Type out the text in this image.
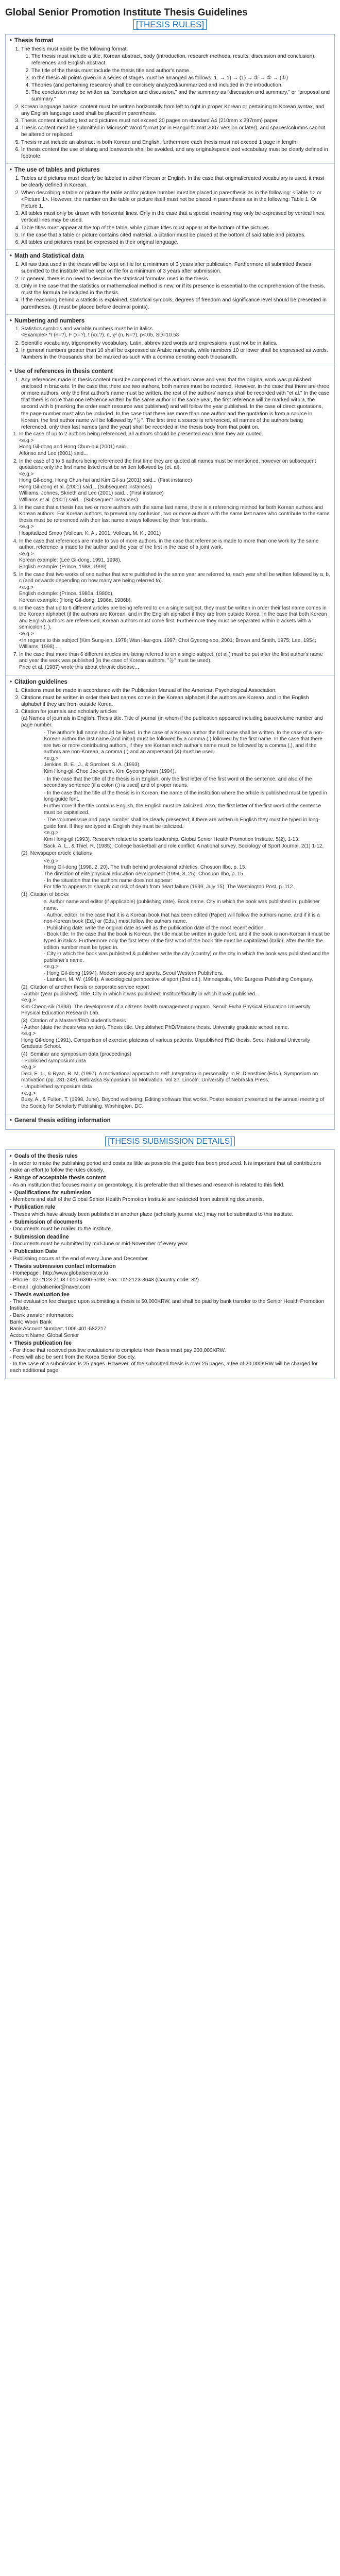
Global Senior Promotion Institute Thesis Guidelines
[THESIS RULES]
• Thesis format
1. The thesis must abide by the following format.
1. The thesis must include a title, Korean abstract, body (introduction, research methods, results, discussion and conclusion), references and English abstract.
2. The title of the thesis must include the thesis title and author's name.
3. In the thesis all points given in a series of stages must be arranged as follows: 1. → 1) → (1) → ① → ① → (①)
4. Theories (and pertaining research) shall be concisely analyzed/summarized and included in the introduction.
5. The conclusion may be written as "conclusion and discussion," and the summary as "discussion and summary," or "proposal and summary."
2. Korean language basics: content must be written horizontally from left to right in proper Korean or pertaining to Korean syntax, and any English language used shall be placed in parenthesis.
3. Thesis content including text and pictures must not exceed 20 pages on standard A4 (210mm x 297mm) paper.
4. Thesis content must be submitted in Microsoft Word format (or in Hangul format 2007 version or later), and spaces/columns cannot be altered or replaced.
5. Thesis must include an abstract in both Korean and English, furthermore each thesis must not exceed 1 page in length.
6. In thesis content the use of slang and loanwords shall be avoided, and any original/specialized vocabulary must be clearly defined in footnote.
• The use of tables and pictures
1. Tables and pictures must clearly be labeled in either Korean or English. In the case that original/created vocabulary is used, it must be clearly defined in Korean.
2. When describing a table or picture the table and/or picture number must be placed in parenthesis as in the following: <Table 1> or <Picture 1>. However, the number on the table or picture itself must not be placed in parenthesis as in the following: Table 1. Or Picture 1.
3. All tables must only be drawn with horizontal lines. Only in the case that a special meaning may only be expressed by vertical lines, vertical lines may be used.
4. Table titles must appear at the top of the table, while picture titles must appear at the bottom of the pictures.
5. In the case that a table or picture contains cited material, a citation must be placed at the bottom of said table and pictures.
6. All tables and pictures must be expressed in their original language.
• Math and Statistical data
1. All raw data used in the thesis will be kept on file for a minimum of 3 years after publication. Furthermore all submitted theses submitted to the institute will be kept on file for a minimum of 3 years after submission.
2. In general, there is no need to describe the statistical formulas used in the thesis.
3. Only in the case that the statistics or mathematical method is new, or if its presence is essential to the comprehension of the thesis, must the formula be included in the thesis.
4. If the reasoning behind a statistic is explained, statistical symbols, degrees of freedom and significance level should be presented in parentheses. (It must be placed before decimal points).
• Numbering and numbers
1. Statistics symbols and variable numbers must be in italics.
<Example> *r (n=?), F (x=?), t (xx.?), n, χ² (n, N=?), p<.05, SD=10.53
2. Scientific vocabulary, trigonometry vocabulary, Latin, abbreviated words and expressions must not be in italics.
3. In general numbers greater than 10 shall be expressed as Arabic numerals, while numbers 10 or lower shall be expressed as words. Numbers in the thousands shall be marked as such with a comma denoting each thousandth.
• Use of references in thesis content
1. Any references made in thesis content must be composed of the authors name and year that the original work was published enclosed in brackets. In the case that there are two authors, both names must be recorded. However, in the case that there are three or more authors, only the first author's name must be written, the rest of the authors' names shall be recorded with "et al." In the case that there is more than one reference written by the same author in the same year, the first reference will be marked with a, the second with b (marking the order each resource was published) and will follow the year published. In the case of direct quotations, the page number must also be included. In the case that there are more than one author and the quotation is from a source in Korean, the first author name will be followed by "등". The first time a source is referenced, all names of the authors being referenced, only their last names (and the year) shall be recorded in the thesis body from that point on.
1. In the case of up to 2 authors being referenced, all authors should be presented each time they are quoted.
<e.g.>
Hong Gil-dong and Hong Chun-hui (2001) said...
Alfonso and Lee (2001) said...
2. In the case of 3 to 5 authors being referenced the first time they are quoted all names must be mentioned, however on subsequent quotations only the first name listed must be written followed by (et. al).
<e.g.>
Hong Gil-dong, Hong Chun-hui and Kim Gil-su (2001) said... (First instance)
Hong Gil-dong et al. (2001) said... (Subsequent instances)
Williams, Johnes, Skrieth and Lee (2001) said... (First instance)
Williams et al. (2001) said... (Subsequent instances)
3. In the case that a thesis has two or more authors with the same last name, there is a referencing method for both Korean authors and Korean authors. For Korean authors, to prevent any confusion, two or more authors with the same last name who contribute to the same thesis must be referenced with their last name always followed by their first initials.
<e.g.>
Hospitalized Smoo (Vollean, K. A., 2001; Vollean, M. K., 2001)
4. In the case that references are made to two of more authors, in the case that reference is made to more than one work by the same author, reference is made to the author and the year of the first in the case of a joint work.
<e.g.>
Korean example: (Lee Gi-dong, 1991, 1998),
English example: (Prince, 1988, 1999)
5. In the case that two works of one author that were published in the same year are referred to, each year shall be written followed by a, b, c (and onwards depending on how many are being referred to).
<e.g.>
English example: (Prince, 1980a, 1980b),
Korean example: (Hong Gil-dong, 1986a, 1986b),
6. In the case that up to 6 different articles are being referred to on a single subject, they must be written in order their last name comes in the Korean alphabet (if the authors are Korean, and in the English alphabet if they are from outside Korea. In the case that both Korean and English authors are referenced, Korean authors must come first. Furthermore they must be separated within brackets with a semicolon (; ).
<e.g.>
<In regards to this subject (Kim Sung-ian, 1978; Wan Hae-gon, 1997; Choi Gyeong-soo, 2001; Brown and Smith, 1975; Lee, 1954; Williams, 1998)...
7. In the case that more than 6 different articles are being referred to on a single subject, (et al.) must be put after the first author's name and year the work was published (in the case of Korean authors, "등" must be used).
Price et al. (1987) wrote this about chronic disease...
• Citation guidelines
1. Citations must be made in accordance with the Publication Manual of the American Psychological Association.
2. Citations must be written in order their last names come in the Korean alphabet if the authors are Korean, and in the English alphabet if they are from outside Korea.
3. Citation for journals and scholarly articles
(a) Names of journals in English: Thesis title. Title of journal (in whom if the publication appeared including issue/volume number and page number.
- The author's full name should be listed. In the case of a Korean author the full name shall be written. In the case of a non-Korean author the last name (and initial) must be followed by a comma (,) followed by the first name. In the case that there are two or more contributing authors, if they are Korean each author's name must be followed by a comma (,), and if the authors are non-Korean, a comma (,) and an ampersand (&) must be used.
<e.g.>
Jenkins, B. E., J., & Sproloet, S. A. (1993).
Kim Hong-gil, Choe Jae-geum, Kim Gyeong-hwan (1994).
- In the case that the title of the thesis is in English, only the first letter of the first word of the sentence, and also of the secondary sentence (if a colon (:) is used) and of proper nouns.
- In the case that the title of the thesis is in Korean, the name of the institution where the article is published must be typed in long-guide font.
Furthermore if the title contains English, the English must be italicized. Also, the first letter of the first word of the sentence must be capitalized.
- The volume/issue and page number shall be clearly presented; if there are written in English they must be typed in long-guide font. If they are typed in English they must be italicized.
<e.g.>
Kim Hong-gil (1993). Research related to sports leadership. Global Senior Health Promotion Institute, 5(2), 1-13.
Sack, A. L., & Thiel, R. (1985). College basketball and role conflict: A national survey. Sociology of Sport Journal, 2(1) 1-12.
(2)  Newspaper article citations
<e.g.>
Hong Gil-dong (1998, 2, 20). The truth behind professional athletics. Chosuon Ilbo, p. 15.
The direction of elite physical education development (1994, 8, 25). Chosuon Ilbo, p. 15.
- In the situation that the authors name does not appear:
For title to appears to sharply cut risk of death from heart failure (1999, July 15). The Washington Post, p. 112.
(1)  Citation of books
a. Author name and editor (if applicable) (publishing date). Book name. City in which the book was published in: publisher name.
- Author, editor: In the case that it is a Korean book that has been edited (Paper) will follow the authors name, and if it is a non-Korean book (Ed.) or (Eds.) must follow the authors name.
- Publishing date: write the original date as well as the publication date of the most recent edition.
- Book title: In the case that the book is Korean, the title must be written in guide font, and if the book is non-Korean it must be typed in italics. Furthermore only the first letter of the first word of the book title must be capitalized (italic), after the title the edition number must be typed in.
- City in which the book was published & publisher: write the city (country) or the city in which the book was published and the publisher's name.
<e.g.>
- Hong Gil-dong (1994). Modern society and sports. Seoul Western Publishers.
- Lambert, M. W. (1994). A sociological perspective of sport (2nd ed.). Minneapolis, MN: Burgess Publishing Company.
(2)  Citation of another thesis or corporate service report
- Author (year published). Title. City in which it was published: Institute/faculty in which it was published.
<e.g.>
Kim Cheon-sik (1993). The development of a citizens health management program. Seoul: Ewha Physical Education University Physical Education Research Lab.
(3)  Citation of a Masters/PhD student's thesis
- Author (date the thesis was written). Thesis title. Unpublished PhD/Masters thesis. University graduate school name.
<e.g.>
Hong Gil-dong (1991). Comparison of exercise plateaus of various patients. Unpublished PhD thesis. Seoul National University Graduate School.
(4)  Seminar and symposium data (proceedings)
- Published symposium data
<e.g.>
Deci, E. L., & Ryan, R. M. (1997). A motivational approach to self: Integration in personality. In R. Dienstbier (Eds.), Symposium on motivation (pp. 231-248). Nebraska Symposium on Motivation, Vol 37. Lincoln: University of Nebraska Press.
- Unpublished symposium data
<e.g.>
Busy, A., & Fulton, T. (1998, June). Beyond wellbeing: Editing software that works. Poster session presented at the annual meeting of the Society for Scholarly Publishing, Washington, DC.
• General thesis editing information
[THESIS SUBMISSION DETAILS]
• Goals of the thesis rules
- In order to make the publishing period and costs as little as possible this guide has been produced. It is important that all contributors make an effort to follow the rules closely.
• Range of acceptable thesis content
- As an institution that focuses mainly on gerontology, it is preferable that all theses and research is related to this field.
• Qualifications for submission
- Members and staff of the Global Senior Health Promotion Institute are restricted from submitting documents.
• Publication rule
- Theses which have already been published in another place (scholarly journal etc.) may not be submitted to this institute.
• Submission of documents
- Documents must be mailed to the institute.
• Submission deadline
- Documents must be submitted by mid-June or mid-November of every year.
• Publication Date
- Publishing occurs at the end of every June and December.
• Thesis submission contact information
- Homepage : http://www.globalsenior.or.kr
- Phone : 02-2123-2198 / 010-6390-5198, Fax : 02-2123-8648 (Country code: 82)
- E-mail : globalsenior@naver.com
• Thesis evaluation fee
- The evaluation fee charged upon submitting a thesis is 50,000KRW, and shall be paid by bank transfer to the Senior Health Promotion Institute.
- Bank transfer information:
Bank: Woori Bank
Bank Account Number: 1006-401-582217
Account Name: Global Senior
• Thesis publication fee
- For those that received positive evaluations to complete their thesis must pay 200,000KRW.
- Fees will also be sent from the Korea Senior Society.
- In the case of a submission is 25 pages. However, of the submitted thesis is over 25 pages, a fee of 20,000KRW will be charged for each additional page.
